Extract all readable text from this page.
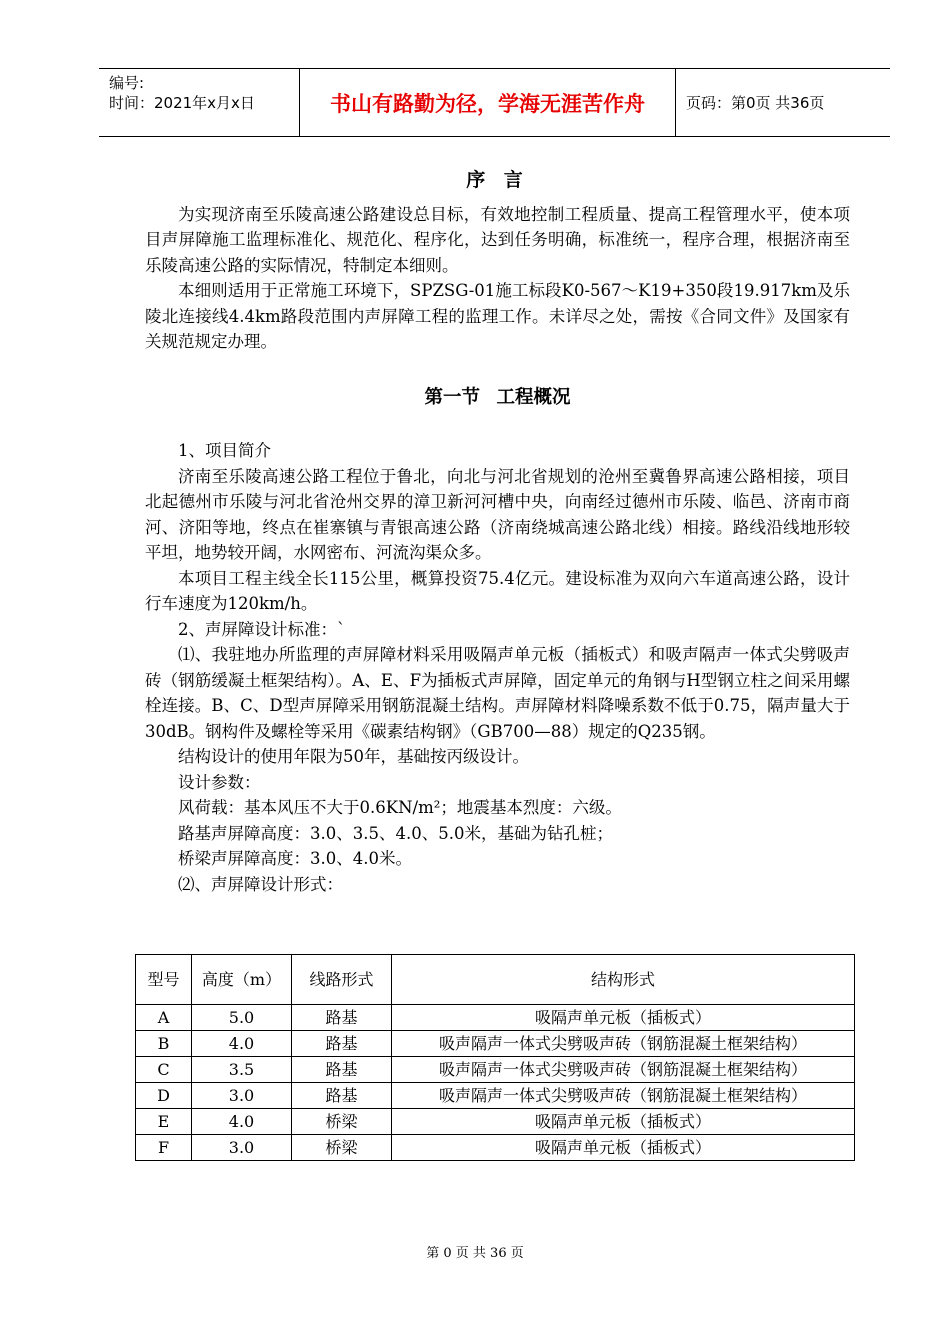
编号:
时间：2021年x月x日	书山有路勤为径，学海无涯苦作舟	页码：第0页 共36页
序 言

为实现济南至乐陵高速公路建设总目标，有效地控制工程质量、提高工程管理水平，使本项目声屏障施工监理标准化、规范化、程序化，达到任务明确，标准统一，程序合理，根据济南至乐陵高速公路的实际情况，特制定本细则。

本细则适用于正常施工环境下，SPZSG-01施工标段K0-567～K19+350段19.917km及乐陵北连接线4.4km路段范围内声屏障工程的监理工作。未详尽之处，需按《合同文件》及国家有关规范规定办理。

第一节 工程概况

1、项目简介

济南至乐陵高速公路工程位于鲁北，向北与河北省规划的沧州至冀鲁界高速公路相接，项目北起德州市乐陵与河北省沧州交界的漳卫新河河槽中央，向南经过德州市乐陵、临邑、济南市商河、济阳等地，终点在崔寨镇与青银高速公路（济南绕城高速公路北线）相接。路线沿线地形较平坦，地势较开阔，水网密布、河流沟渠众多。

本项目工程主线全长115公里，概算投资75.4亿元。建设标准为双向六车道高速公路，设计行车速度为120km/h。

2、声屏障设计标准：`

⑴、我驻地办所监理的声屏障材料采用吸隔声单元板（插板式）和吸声隔声一体式尖劈吸声砖（钢筋缓凝土框架结构）。A、E、F为插板式声屏障，固定单元的角钢与H型钢立柱之间采用螺栓连接。B、C、D型声屏障采用钢筋混凝土结构。声屏障材料降噪系数不低于0.75，隔声量大于30dB。钢构件及螺栓等采用《碳素结构钢》（GB700—88）规定的Q235钢。

结构设计的使用年限为50年，基础按丙级设计。

设计参数：

风荷载：基本风压不大于0.6KN/m²；地震基本烈度：六级。

路基声屏障高度：3.0、3.5、4.0、5.0米，基础为钻孔桩；

桥梁声屏障高度：3.0、4.0米。

⑵、声屏障设计形式：

型号	高度（m）	线路形式	结构形式
A	5.0	路基	吸隔声单元板（插板式）
B	4.0	路基	吸声隔声一体式尖劈吸声砖（钢筋混凝土框架结构）
C	3.5	路基	吸声隔声一体式尖劈吸声砖（钢筋混凝土框架结构）
D	3.0	路基	吸声隔声一体式尖劈吸声砖（钢筋混凝土框架结构）
E	4.0	桥梁	吸隔声单元板（插板式）
F	3.0	桥梁	吸隔声单元板（插板式）
第 0 页 共 36 页
